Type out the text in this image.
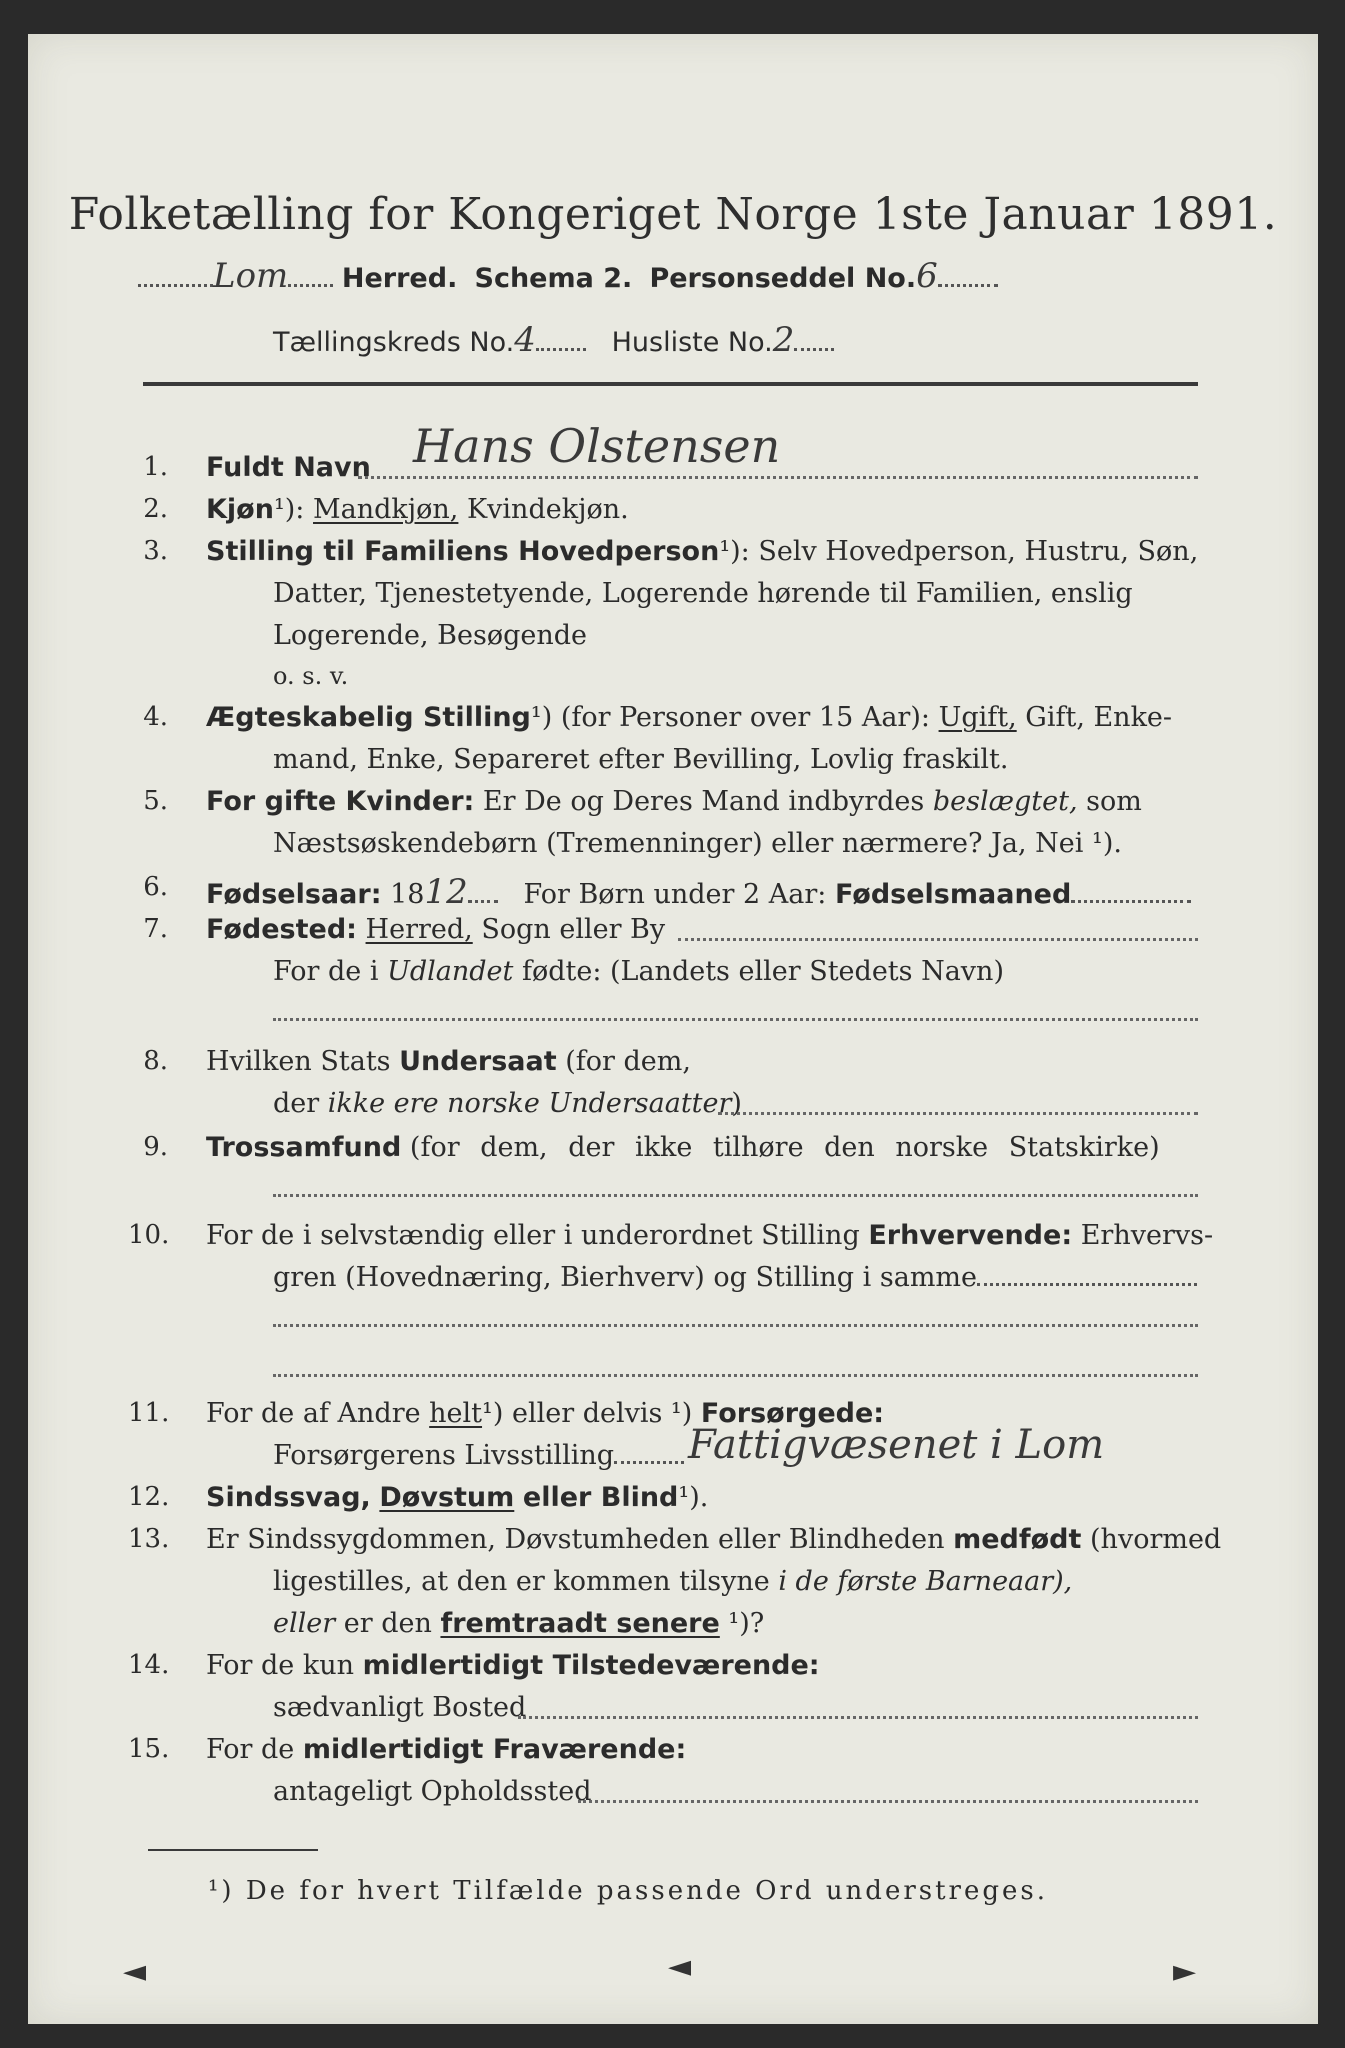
Folketælling for Kongeriget Norge 1ste Januar 1891.
Lom Herred. Schema 2. Personseddel No.6
Tællingskreds No.4	Husliste No.2
1. Fuldt Navn Hans Olstensen
2. Kjøn¹): Mandkjøn, Kvindekjøn.
3. Stilling til Familiens Hovedperson¹): Selv Hovedperson, Hustru, Søn,
Datter, Tjenestetyende, Logerende hørende til Familien, enslig
Logerende, Besøgende
o. s. v.
4. Ægteskabelig Stilling¹) (for Personer over 15 Aar): Ugift, Gift, Enke-
mand, Enke, Separeret efter Bevilling, Lovlig fraskilt.
5. For gifte Kvinder: Er De og Deres Mand indbyrdes beslægtet, som
Næstsøskendebørn (Tremenninger) eller nærmere? Ja, Nei ¹).
6. Fødselsaar: 1812 For Børn under 2 Aar: Fødselsmaaned
7. Fødested: Herred, Sogn eller By
For de i Udlandet fødte: (Landets eller Stedets Navn)
8. Hvilken Stats Undersaat (for dem,
der ikke ere norske Undersaatter)
9. Trossamfund (for dem, der ikke tilhøre den norske Statskirke)
10. For de i selvstændig eller i underordnet Stilling Erhvervende: Erhvervs-
gren (Hovednæring, Bierhverv) og Stilling i samme
11. For de af Andre helt¹) eller delvis ¹) Forsørgede:
Forsørgerens Livsstilling	Fattigvæsenet i Lom
12. Sindssvag, Døvstum eller Blind¹).
13. Er Sindssygdommen, Døvstumheden eller Blindheden medfødt (hvormed
ligestilles, at den er kommen tilsyne i de første Barneaar),
eller er den fremtraadt senere ¹)?
14. For de kun midlertidigt Tilstedeværende:
sædvanligt Bosted
15. For de midlertidigt Fraværende:
antageligt Opholdssted
¹) De for hvert Tilfælde passende Ord understreges.
◄	◄	►
